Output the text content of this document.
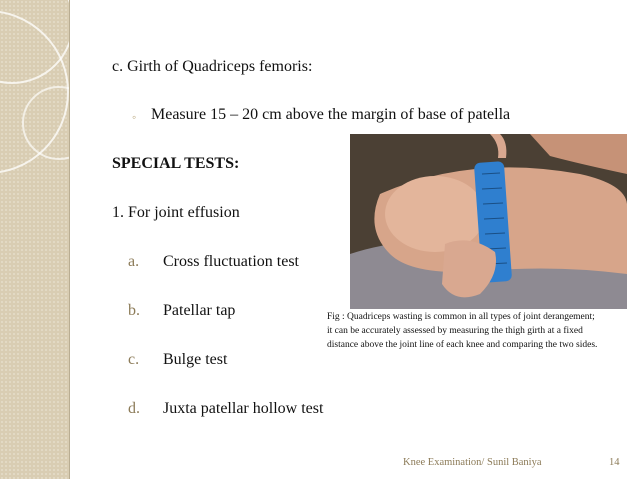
c. Girth of Quadriceps femoris:
◦ Measure 15 – 20 cm above the margin of base of patella
SPECIAL TESTS:
1. For joint effusion
a. Cross fluctuation test
b. Patellar tap
c. Bulge test
d. Juxta patellar hollow test
Fig : Quadriceps wasting is common in all types of joint derangement;
it can be accurately assessed by measuring the thigh girth at a fixed
distance above the joint line of each knee and comparing the two sides.
Knee Examination/ Sunil Baniya	14
